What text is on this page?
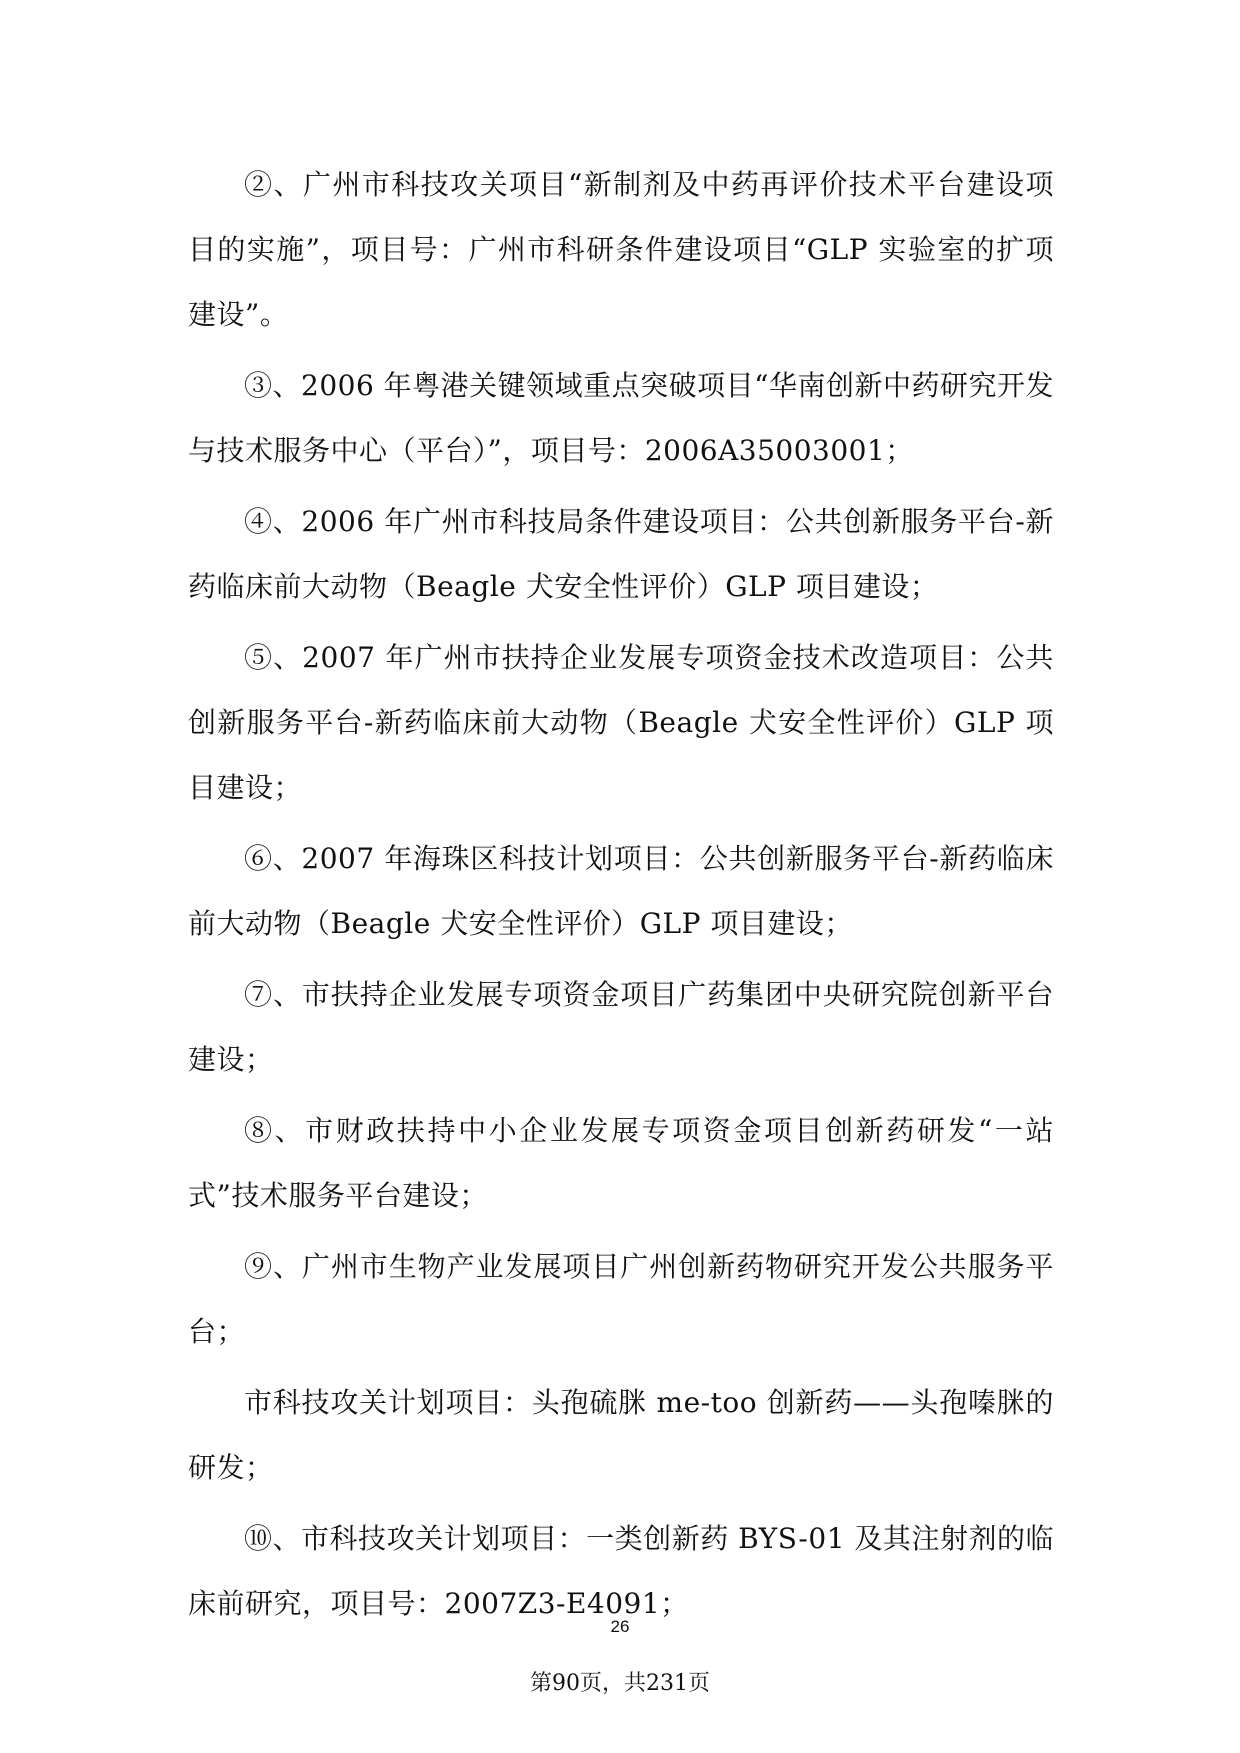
②、广州市科技攻关项目“新制剂及中药再评价技术平台建设项目的实施”，项目号：广州市科研条件建设项目“GLP 实验室的扩项建设”。

③、2006 年粤港关键领域重点突破项目“华南创新中药研究开发与技术服务中心（平台）”，项目号：2006A35003001；

④、2006 年广州市科技局条件建设项目：公共创新服务平台-新药临床前大动物（Beagle 犬安全性评价）GLP 项目建设；

⑤、2007 年广州市扶持企业发展专项资金技术改造项目：公共创新服务平台-新药临床前大动物（Beagle 犬安全性评价）GLP 项目建设；

⑥、2007 年海珠区科技计划项目：公共创新服务平台-新药临床前大动物（Beagle 犬安全性评价）GLP 项目建设；

⑦、市扶持企业发展专项资金项目广药集团中央研究院创新平台建设；

⑧、市财政扶持中小企业发展专项资金项目创新药研发“一站式”技术服务平台建设；

⑨、广州市生物产业发展项目广州创新药物研究开发公共服务平台；

市科技攻关计划项目：头孢硫脒 me-too 创新药——头孢嗪脒的研发；

⑩、市科技攻关计划项目：一类创新药 BYS-01 及其注射剂的临床前研究，项目号：2007Z3-E4091；

26
第90页，共231页
